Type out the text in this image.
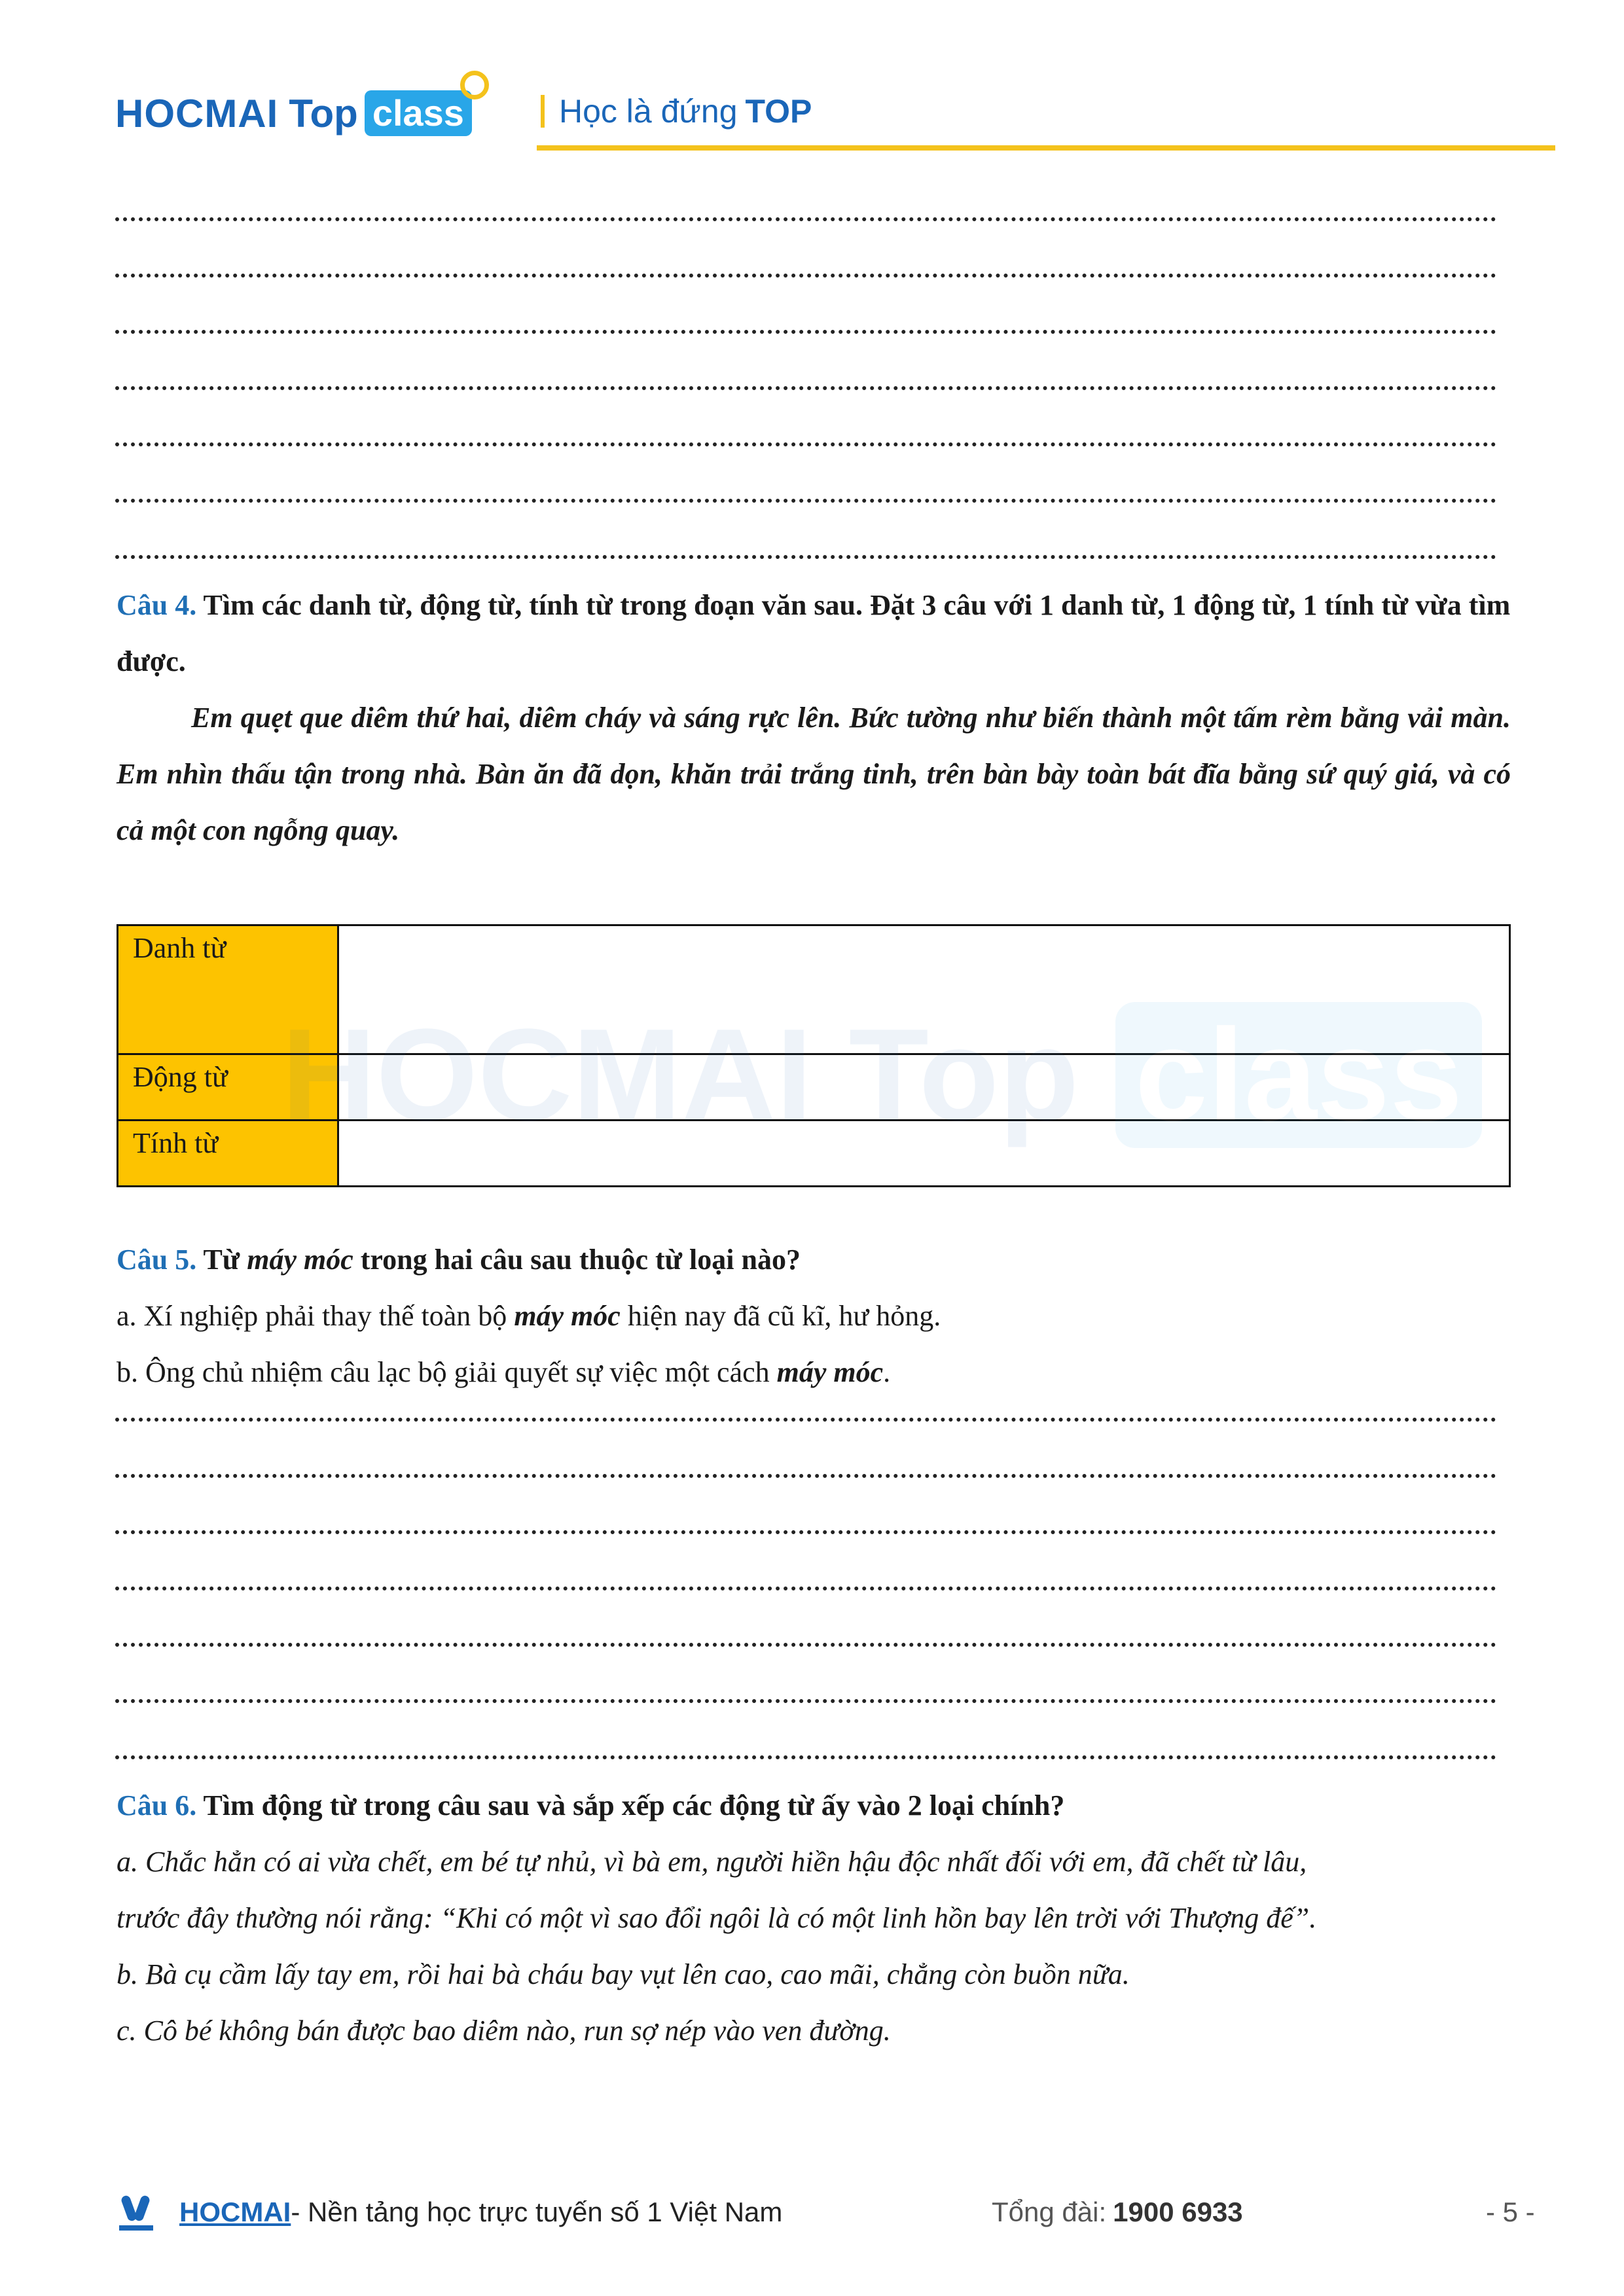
HOCMAI Top class	Học là đứng TOP
Câu 4. Tìm các danh từ, động từ, tính từ trong đoạn văn sau. Đặt 3 câu với 1 danh từ, 1 động từ, 1 tính từ vừa tìm được.
Em quẹt que diêm thứ hai, diêm cháy và sáng rực lên. Bức tường như biến thành một tấm rèm bằng vải màn. Em nhìn thấu tận trong nhà. Bàn ăn đã dọn, khăn trải trắng tinh, trên bàn bày toàn bát đĩa bằng sứ quý giá, và có cả một con ngỗng quay.
Danh từ	
Động từ	
Tính từ	HOCMAI Top class
Câu 5. Từ máy móc trong hai câu sau thuộc từ loại nào?
a. Xí nghiệp phải thay thế toàn bộ máy móc hiện nay đã cũ kĩ, hư hỏng.
b. Ông chủ nhiệm câu lạc bộ giải quyết sự việc một cách máy móc.
Câu 6. Tìm động từ trong câu sau và sắp xếp các động từ ấy vào 2 loại chính?
a. Chắc hẳn có ai vừa chết, em bé tự nhủ, vì bà em, người hiền hậu độc nhất đối với em, đã chết từ lâu,
trước đây thường nói rằng: “Khi có một vì sao đổi ngôi là có một linh hồn bay lên trời với Thượng đế”.
b. Bà cụ cầm lấy tay em, rồi hai bà cháu bay vụt lên cao, cao mãi, chẳng còn buồn nữa.
c. Cô bé không bán được bao diêm nào, run sợ nép vào ven đường.
HOCMAI - Nền tảng học trực tuyến số 1 Việt Nam	Tổng đài: 1900 6933	- 5 -
